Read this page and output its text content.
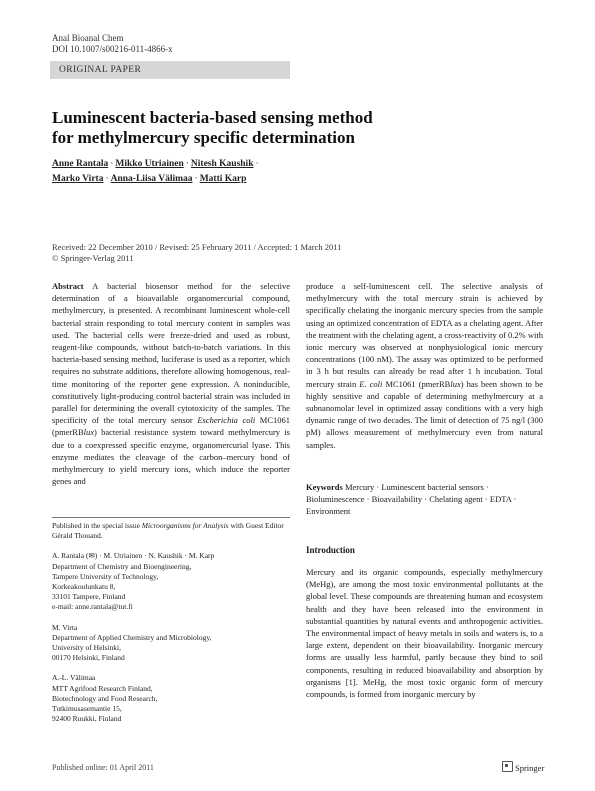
Anal Bioanal Chem
DOI 10.1007/s00216-011-4866-x
ORIGINAL PAPER
Luminescent bacteria-based sensing method
for methylmercury specific determination
Anne Rantala · Mikko Utriainen · Nitesh Kaushik ·
Marko Virta · Anna-Liisa Välimaa · Matti Karp
Received: 22 December 2010 / Revised: 25 February 2011 / Accepted: 1 March 2011
© Springer-Verlag 2011

Abstract A bacterial biosensor method for the selective determination of a bioavailable organomercurial compound, methylmercury, is presented. A recombinant luminescent whole-cell bacterial strain responding to total mercury content in samples was used. The bacterial cells were freeze-dried and used as robust, reagent-like compounds, without batch-to-batch variations. In this bacteria-based sensing method, luciferase is used as a reporter, which requires no substrate additions, therefore allowing homogenous, real-time monitoring of the reporter gene expression. A noninducible, constitutively light-producing control bacterial strain was included in parallel for determining the overall cytotoxicity of the samples. The specificity of the total mercury sensor Escherichia coli MC1061 (pmerRBlux) bacterial resistance system toward methylmercury is due to a coexpressed specific enzyme, organomercurial lyase. This enzyme mediates the cleavage of the carbon–mercury bond of methylmercury to yield mercury ions, which induce the reporter genes and

produce a self-luminescent cell. The selective analysis of methylmercury with the total mercury strain is achieved by specifically chelating the inorganic mercury species from the sample using an optimized concentration of EDTA as a chelating agent. After the treatment with the chelating agent, a cross-reactivity of 0.2% with ionic mercury was observed at nonphysiological ionic mercury concentrations (100 nM). The assay was optimized to be performed in 3 h but results can already be read after 1 h incubation. Total mercury strain E. coli MC1061 (pmerRBlux) has been shown to be highly sensitive and capable of determining methylmercury at a subnanomolar level in optimized assay conditions with a very high dynamic range of two decades. The limit of detection of 75 ng/l (300 pM) allows measurement of methylmercury even from natural samples.

Keywords Mercury · Luminescent bacterial sensors · Bioluminescence · Bioavailability · Chelating agent · EDTA · Environment
Published in the special issue Microorganisms for Analysis with Guest Editor Gérald Thouand.

A. Rantala (✉) · M. Utriainen · N. Kaushik · M. Karp

Department of Chemistry and Bioengineering,

Tampere University of Technology,

Korkeakoulunkatu 8,

33101 Tampere, Finland

e-mail: anne.rantala@tut.fi

M. Virta

Department of Applied Chemistry and Microbiology,

University of Helsinki,

00170 Helsinki, Finland

A.-L. Välimaa

MTT Agrifood Research Finland,

Biotechnology and Food Research,

Tutkimusasemantie 15,

92400 Ruukki, Finland

Introduction

Mercury and its organic compounds, especially methylmercury (MeHg), are among the most toxic environmental pollutants at the global level. These compounds are threatening human and ecosystem health and they have been released into the environment in substantial quantities by natural events and anthropogenic activities. The environmental impact of heavy metals in soils and waters is, to a large extent, dependent on their bioavailability. Inorganic mercury forms are usually less harmful, partly because they bind to soil components, resulting in reduced bioavailability and absorption by organisms [1]. MeHg, the most toxic organic form of mercury compounds, is formed from inorganic mercury by

Published online: 01 April 2011	Springer
